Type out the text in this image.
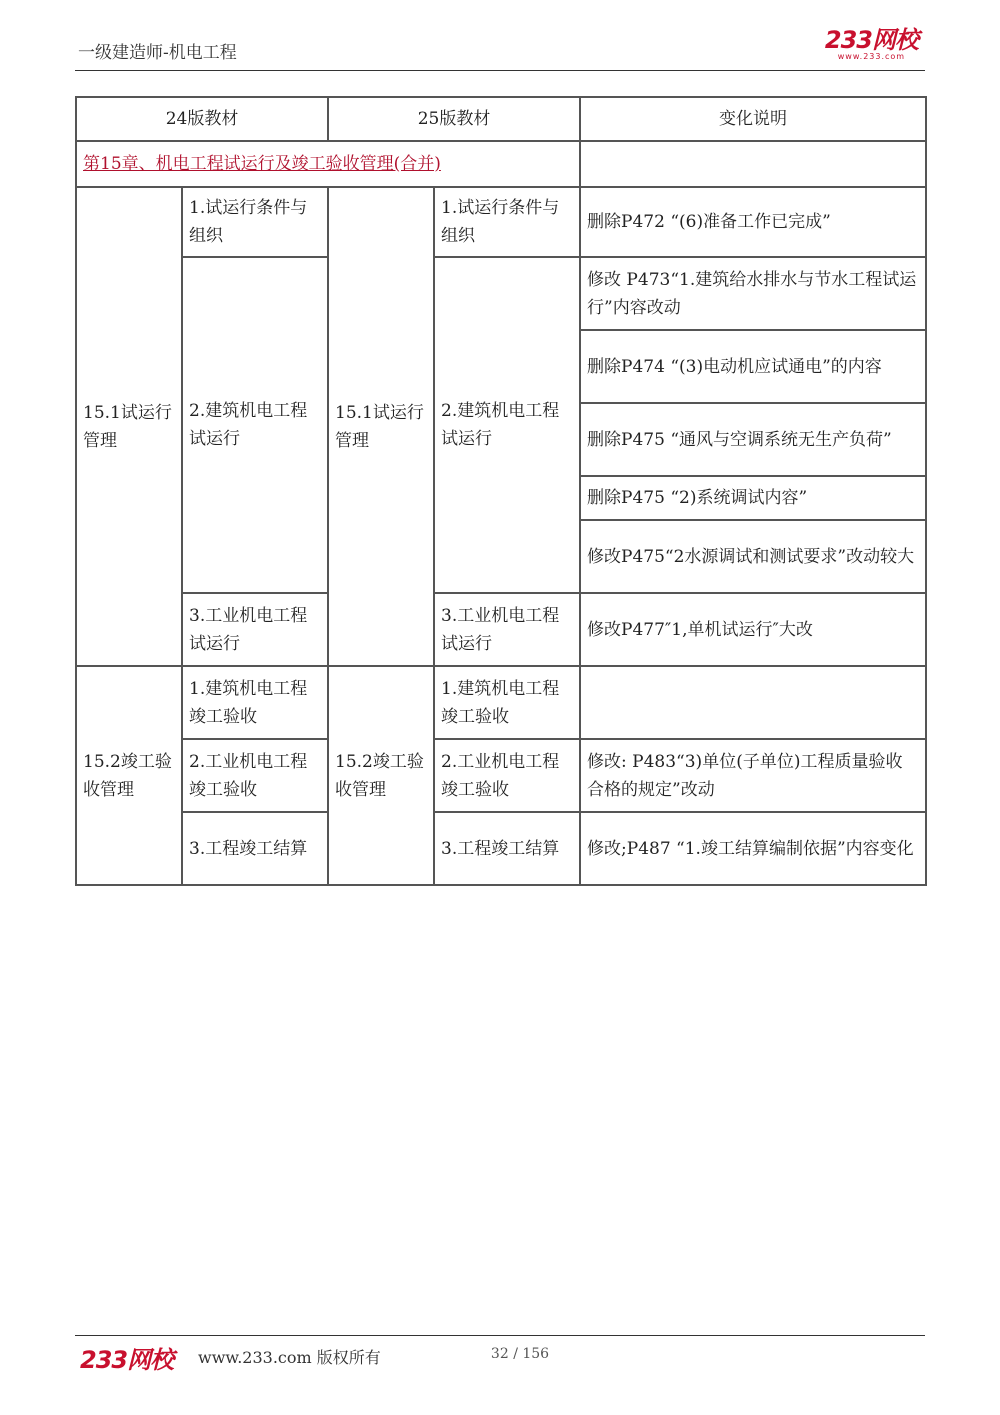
一级建造师-机电工程	233网校
www.233.com
24版教材		25版教材		变化说明
第15章、机电工程试运行及竣工验收管理(合并)				
15.1试运行管理	1.试运行条件与组织	15.1试运行管理	1.试运行条件与组织	删除P472 “(6)准备工作已完成”
	2.建筑机电工程试运行		2.建筑机电工程试运行	修改 P473“1.建筑给水排水与节水工程试运行”内容改动
				删除P474 “(3)电动机应试通电”的内容
				删除P475 “通风与空调系统无生产负荷”
				删除P475 “2)系统调试内容”
				修改P475“2水源调试和测试要求”改动较大
	3.工业机电工程试运行		3.工业机电工程试运行	修改P477″1,单机试运行″大改

15.2竣工验收管理	1.建筑机电工程竣工验收	15.2竣工验收管理	1.建筑机电工程竣工验收	
	2.工业机电工程竣工验收		2.工业机电工程竣工验收	修改: P483“3)单位(子单位)工程质量验收合格的规定”改动
	3.工程竣工结算		3.工程竣工结算	修改;P487 “1.竣工结算编制依据”内容变化
233网校 www.233.com 版权所有	32 / 156
